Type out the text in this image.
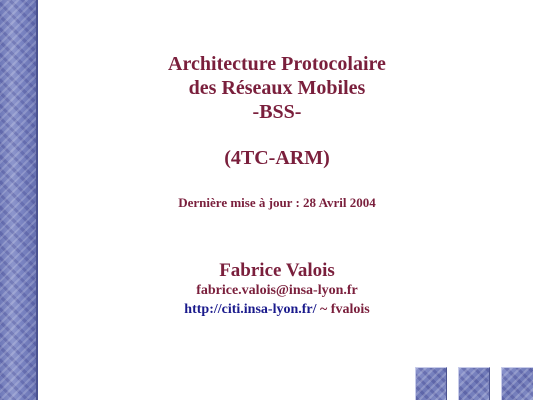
Architecture Protocolaire
des Réseaux Mobiles
-BSS-
(4TC-ARM)
Dernière mise à jour : 28 Avril 2004
Fabrice Valois
fabrice.valois@insa-lyon.fr
http://citi.insa-lyon.fr/ ~ fvalois
